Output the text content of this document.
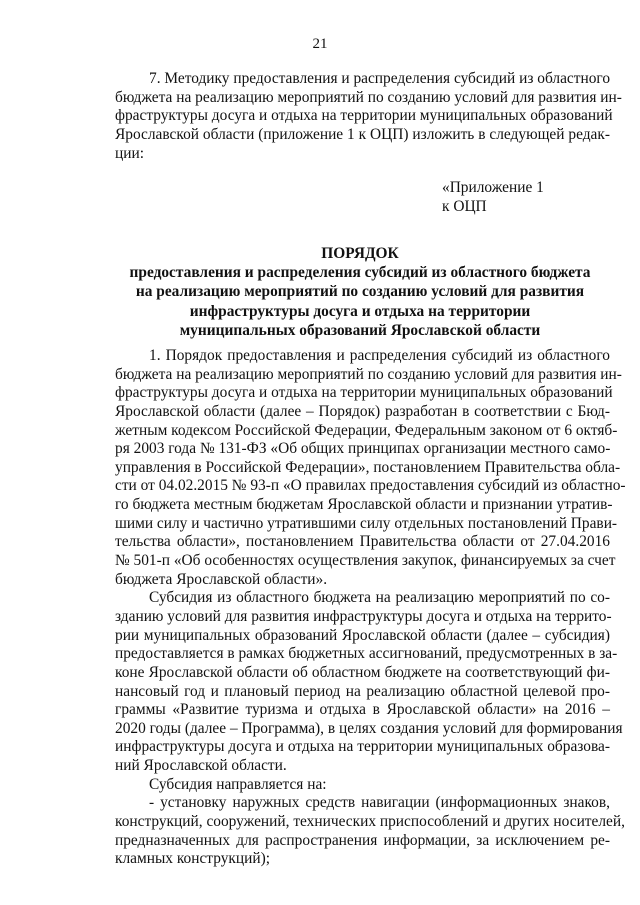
21
7. Методику предоставления и распределения субсидий из областного
бюджета на реализацию мероприятий по созданию условий для развития ин-
фраструктуры досуга и отдыха на территории муниципальных образований
Ярославской области (приложение 1 к ОЦП) изложить в следующей редак-
ции:
«Приложение 1
к ОЦП
ПОРЯДОК
предоставления и распределения субсидий из областного бюджета
на реализацию мероприятий по созданию условий для развития
инфраструктуры досуга и отдыха на территории
муниципальных образований Ярославской области
1. Порядок предоставления и распределения субсидий из областного
бюджета на реализацию мероприятий по созданию условий для развития ин-
фраструктуры досуга и отдыха на территории муниципальных образований
Ярославской области (далее – Порядок) разработан в соответствии с Бюд-
жетным кодексом Российской Федерации, Федеральным законом от 6 октяб-
ря 2003 года № 131-ФЗ «Об общих принципах организации местного само-
управления в Российской Федерации», постановлением Правительства обла-
сти от 04.02.2015 № 93-п «О правилах предоставления субсидий из областно-
го бюджета местным бюджетам Ярославской области и признании утратив-
шими силу и частично утратившими силу отдельных постановлений Прави-
тельства области», постановлением Правительства области от 27.04.2016
№ 501-п «Об особенностях осуществления закупок, финансируемых за счет
бюджета Ярославской области».
Субсидия из областного бюджета на реализацию мероприятий по со-
зданию условий для развития инфраструктуры досуга и отдыха на террито-
рии муниципальных образований Ярославской области (далее – субсидия)
предоставляется в рамках бюджетных ассигнований, предусмотренных в за-
коне Ярославской области об областном бюджете на соответствующий фи-
нансовый год и плановый период на реализацию областной целевой про-
граммы «Развитие туризма и отдыха в Ярославской области» на 2016 –
2020 годы (далее – Программа), в целях создания условий для формирования
инфраструктуры досуга и отдыха на территории муниципальных образова-
ний Ярославской области.
Субсидия направляется на:
- установку наружных средств навигации (информационных знаков,
конструкций, сооружений, технических приспособлений и других носителей,
предназначенных для распространения информации, за исключением ре-
кламных конструкций);
